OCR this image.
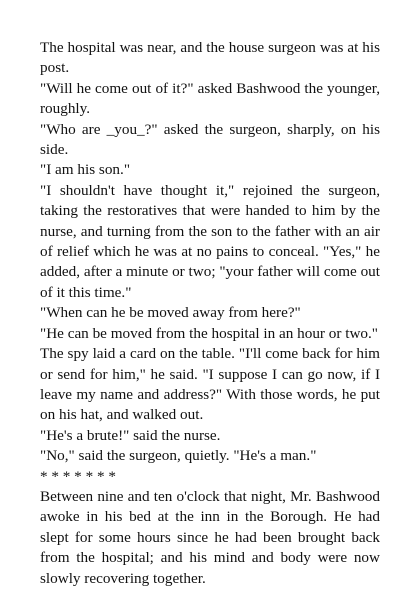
The hospital was near, and the house surgeon was at his post.

"Will he come out of it?" asked Bashwood the younger, roughly.

"Who are _you_?" asked the surgeon, sharply, on his side.

"I am his son."

"I shouldn't have thought it," rejoined the surgeon, taking the restoratives that were handed to him by the nurse, and turning from the son to the father with an air of relief which he was at no pains to conceal. "Yes," he added, after a minute or two; "your father will come out of it this time."

"When can he be moved away from here?"

"He can be moved from the hospital in an hour or two."

The spy laid a card on the table. "I'll come back for him or send for him," he said. "I suppose I can go now, if I leave my name and address?" With those words, he put on his hat, and walked out.

"He's a brute!" said the nurse.

"No," said the surgeon, quietly. "He's a man."

* * * * * * *

Between nine and ten o'clock that night, Mr. Bashwood awoke in his bed at the inn in the Borough. He had slept for some hours since he had been brought back from the hospital; and his mind and body were now slowly recovering together.
